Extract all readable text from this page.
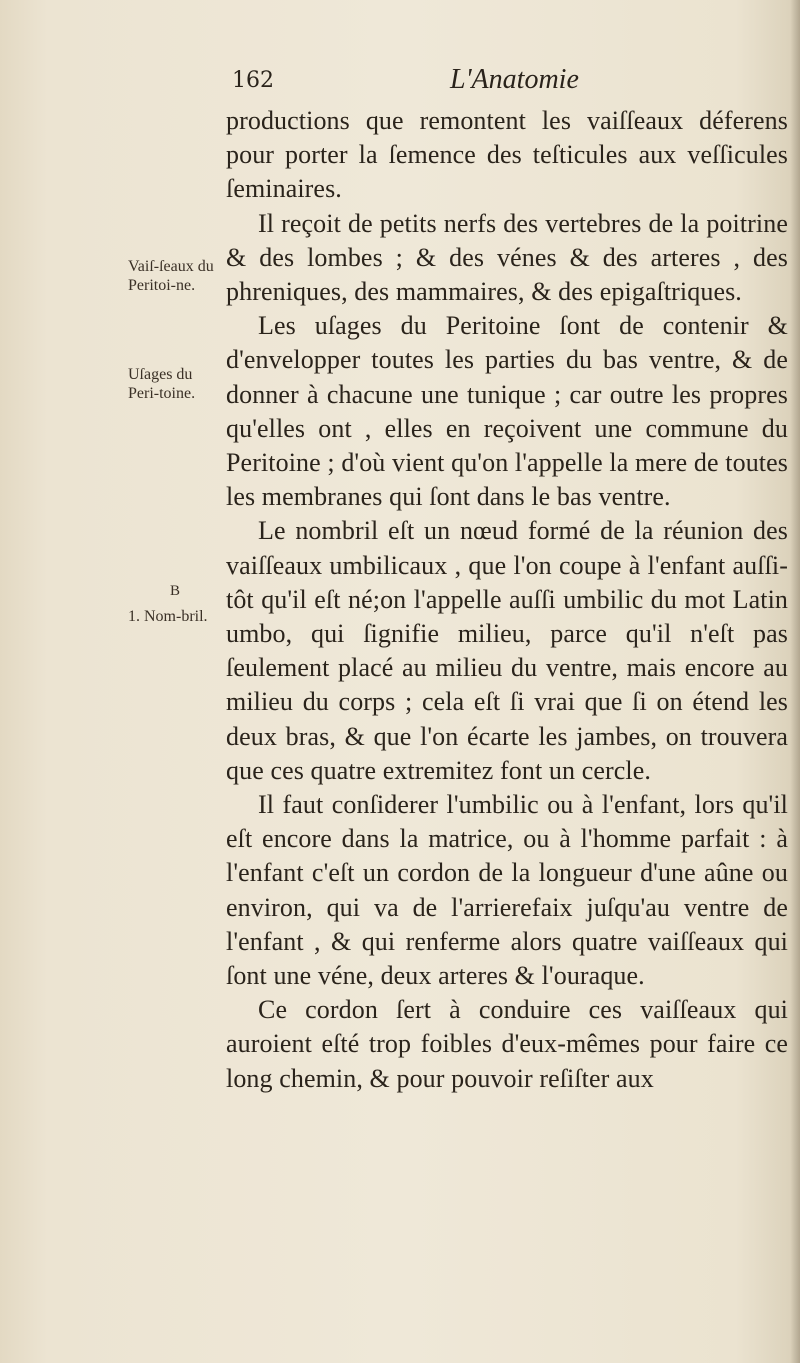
162	L'Anatomie
Vaiſ-ſeaux du Peritoi-ne.
Uſages du Peri-toine.
B
1. Nom-bril.

productions que remontent les vaiſſeaux déferens pour porter la ſemence des teſticules aux veſſicules ſeminaires.

Il reçoit de petits nerfs des vertebres de la poitrine & des lombes ; & des vénes & des arteres , des phreniques, des mammaires, & des epigaſtriques.

Les uſages du Peritoine ſont de contenir & d'envelopper toutes les parties du bas ventre, & de donner à chacune une tunique ; car outre les propres qu'elles ont , elles en reçoivent une commune du Peritoine ; d'où vient qu'on l'appelle la mere de toutes les membranes qui ſont dans le bas ventre.

Le nombril eſt un nœud formé de la réunion des vaiſſeaux umbilicaux , que l'on coupe à l'enfant auſſi-tôt qu'il eſt né;on l'appelle auſſi umbilic du mot Latin umbo, qui ſignifie milieu, parce qu'il n'eſt pas ſeulement placé au milieu du ventre, mais encore au milieu du corps ; cela eſt ſi vrai que ſi on étend les deux bras, & que l'on écarte les jambes, on trouvera que ces quatre extremitez font un cercle.

Il faut conſiderer l'umbilic ou à l'enfant, lors qu'il eſt encore dans la matrice, ou à l'homme parfait : à l'enfant c'eſt un cordon de la longueur d'une aûne ou environ, qui va de l'arrierefaix juſqu'au ventre de l'enfant , & qui renferme alors quatre vaiſſeaux qui ſont une véne, deux arteres & l'ouraque.

Ce cordon ſert à conduire ces vaiſſeaux qui auroient eſté trop foibles d'eux-mêmes pour faire ce long chemin, & pour pouvoir reſiſter aux
